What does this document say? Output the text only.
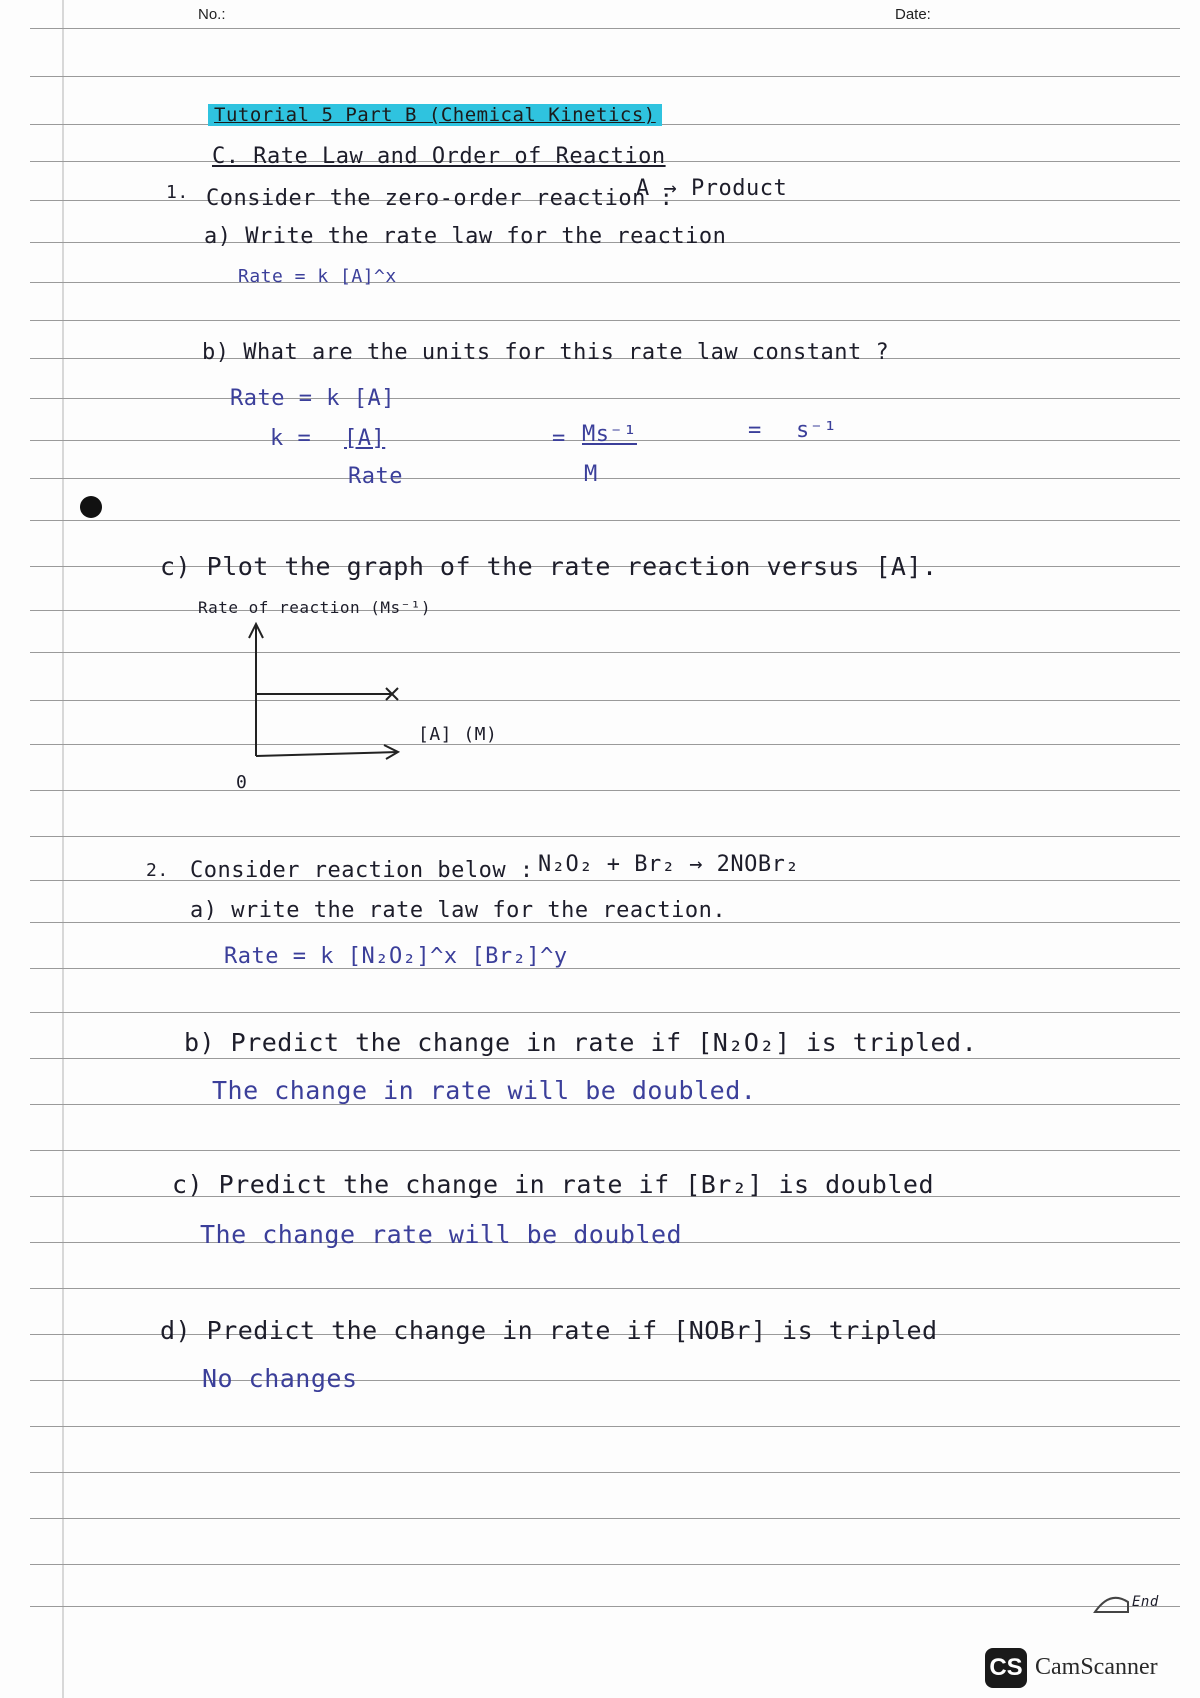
No.:	Date:
Tutorial 5 Part B (Chemical Kinetics)
C. Rate Law and Order of Reaction
1. Consider the zero-order reaction :
A → Product
a) Write the rate law for the reaction
Rate = k [A]^x
b) What are the units for this rate law constant ?
Rate = k [A]
k = [A]
Rate
= Ms⁻¹
M
= s⁻¹
c) Plot the graph of the rate reaction versus [A].
Rate of reaction (Ms⁻¹)
[A] (M)
0
2. Consider reaction below : N₂O₂ + Br₂ → 2NOBr₂
a) write the rate law for the reaction.
Rate = k [N₂O₂]^x [Br₂]^y
b) Predict the change in rate if [N₂O₂] is tripled.
The change in rate will be doubled.
c) Predict the change in rate if [Br₂] is doubled
The change rate will be doubled
d) Predict the change in rate if [NOBr] is tripled
No changes
End
CS CamScanner
